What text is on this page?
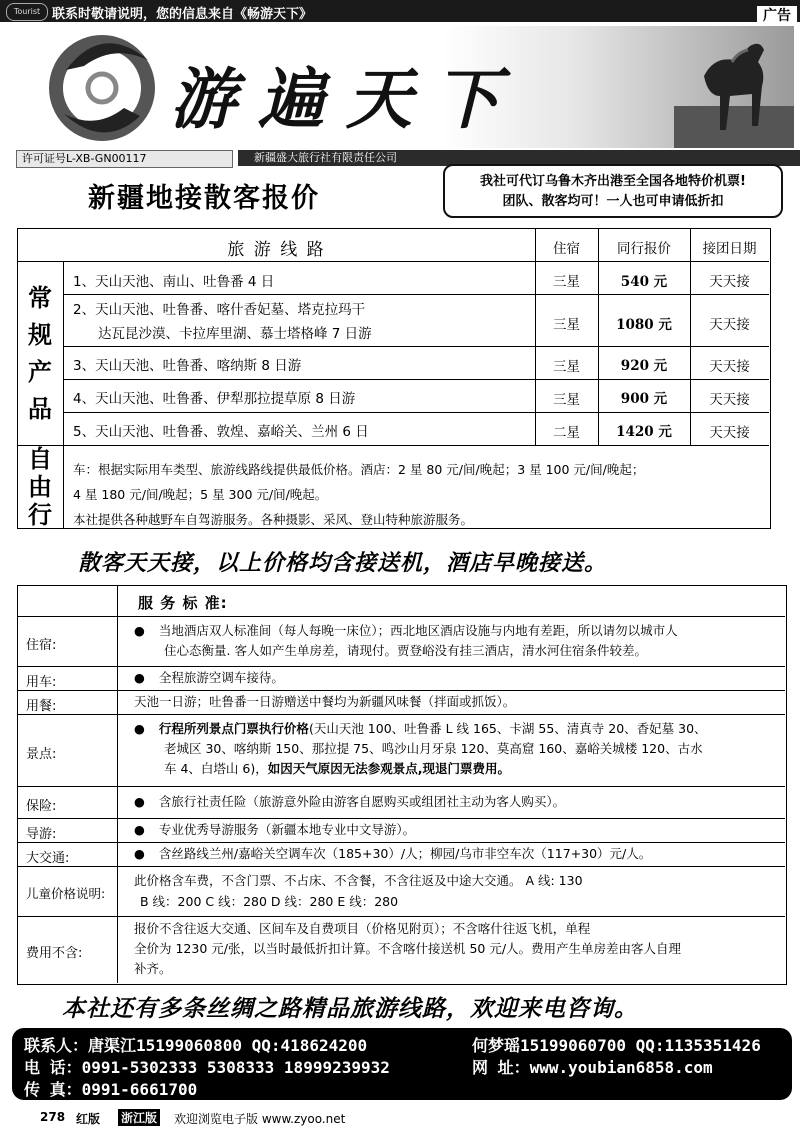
Tourist 联系时敬请说明，您的信息来自《畅游天下》	广告
游遍天下
许可证号L-XB-GN00117	新疆盛大旅行社有限责任公司
新疆地接散客报价
我社可代订乌鲁木齐出港至全国各地特价机票!
团队、散客均可！一人也可申请低折扣
旅 游 线 路	住宿	同行报价	接团日期
常规产品
1、天山天池、南山、吐鲁番 4 日	三星	540 元	天天接
2、天山天池、吐鲁番、喀什香妃墓、塔克拉玛干
达瓦昆沙漠、卡拉库里湖、慕士塔格峰 7 日游
三星	1080 元	天天接
3、天山天池、吐鲁番、喀纳斯 8 日游	三星	920 元	天天接
4、天山天池、吐鲁番、伊犁那拉提草原 8 日游	三星	900 元	天天接
5、天山天池、吐鲁番、敦煌、嘉峪关、兰州 6 日	二星	1420 元	天天接
自由行
车：根据实际用车类型、旅游线路线提供最低价格。酒店：2 星 80 元/间/晚起；3 星 100 元/间/晚起；
4 星 180 元/间/晚起；5 星 300 元/间/晚起。
本社提供各种越野车自驾游服务。各种摄影、采风、登山特种旅游服务。
散客天天接，以上价格均含接送机，酒店早晚接送。
服 务 标 准:
住宿:
● 当地酒店双人标准间（每人每晚一床位）；西北地区酒店设施与内地有差距，所以请勿以城市人
住心态衡量. 客人如产生单房差，请现付。贾登峪没有挂三酒店，清水河住宿条件较差。
用车:	● 全程旅游空调车接待。
用餐:	天池一日游；吐鲁番一日游赠送中餐均为新疆风味餐（拌面或抓饭）。
景点:
● 行程所列景点门票执行价格(天山天池 100、吐鲁番 L 线 165、卡湖 55、清真寺 20、香妃墓 30、
老城区 30、喀纳斯 150、那拉提 75、鸣沙山月牙泉 120、莫高窟 160、嘉峪关城楼 120、古水
车 4、白塔山 6)，如因天气原因无法参观景点,现退门票费用。
保险:	● 含旅行社责任险（旅游意外险由游客自愿购买或组团社主动为客人购买）。
导游:	● 专业优秀导游服务（新疆本地专业中文导游）。
大交通:	● 含丝路线兰州/嘉峪关空调车次（185+30）/人；柳园/乌市非空车次（117+30）元/人。
儿童价格说明:
此价格含车费，不含门票、不占床、不含餐，不含往返及中途大交通。 A 线: 130
B 线：200 C 线：280 D 线：280 E 线：280
费用不含:
报价不含往返大交通、区间车及自费项目（价格见附页）；不含喀什往返飞机，单程
全价为 1230 元/张，以当时最低折扣计算。不含喀什接送机 50 元/人。费用产生单房差由客人自理
补齐。
本社还有多条丝绸之路精品旅游线路，欢迎来电咨询。
联系人：唐渠江15199060800 QQ:418624200	何梦瑶15199060700 QQ:1135351426
电 话：0991-5302333 5308333 18999239932	网 址：www.youbian6858.com
传 真：0991-6661700
278 红版 浙江版 欢迎浏览电子版 www.zyoo.net
